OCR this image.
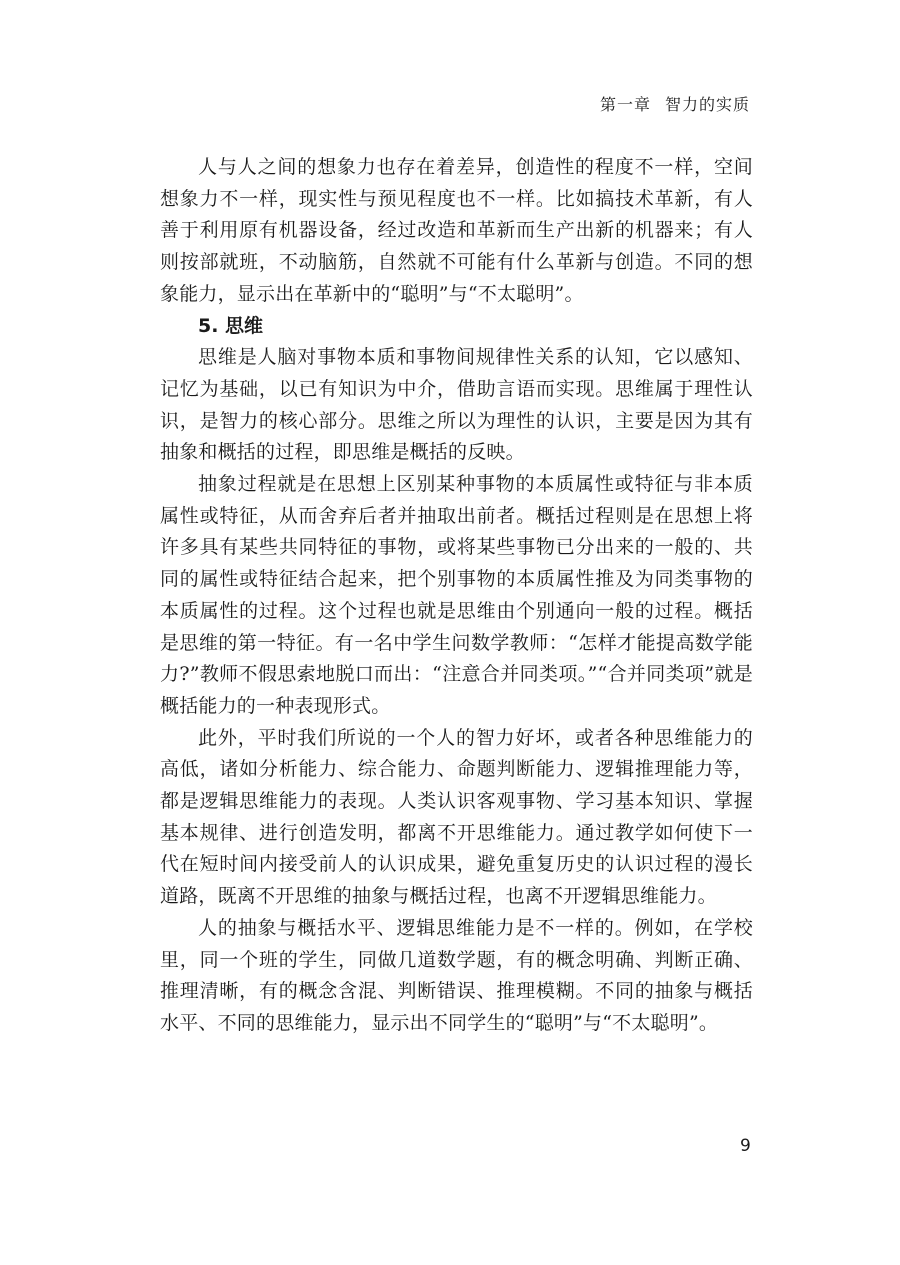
第一章 智力的实质

人与人之间的想象力也存在着差异，创造性的程度不一样，空间想象力不一样，现实性与预见程度也不一样。比如搞技术革新，有人善于利用原有机器设备，经过改造和革新而生产出新的机器来；有人则按部就班，不动脑筋，自然就不可能有什么革新与创造。不同的想象能力，显示出在革新中的“聪明”与“不太聪明”。

5. 思维

思维是人脑对事物本质和事物间规律性关系的认知，它以感知、记忆为基础，以已有知识为中介，借助言语而实现。思维属于理性认识，是智力的核心部分。思维之所以为理性的认识，主要是因为其有抽象和概括的过程，即思维是概括的反映。

抽象过程就是在思想上区别某种事物的本质属性或特征与非本质属性或特征，从而舍弃后者并抽取出前者。概括过程则是在思想上将许多具有某些共同特征的事物，或将某些事物已分出来的一般的、共同的属性或特征结合起来，把个别事物的本质属性推及为同类事物的本质属性的过程。这个过程也就是思维由个别通向一般的过程。概括是思维的第一特征。有一名中学生问数学教师：“怎样才能提高数学能力?”教师不假思索地脱口而出：“注意合并同类项。”“合并同类项”就是概括能力的一种表现形式。

此外，平时我们所说的一个人的智力好坏，或者各种思维能力的高低，诸如分析能力、综合能力、命题判断能力、逻辑推理能力等，都是逻辑思维能力的表现。人类认识客观事物、学习基本知识、掌握基本规律、进行创造发明，都离不开思维能力。通过教学如何使下一代在短时间内接受前人的认识成果，避免重复历史的认识过程的漫长道路，既离不开思维的抽象与概括过程，也离不开逻辑思维能力。

人的抽象与概括水平、逻辑思维能力是不一样的。例如，在学校里，同一个班的学生，同做几道数学题，有的概念明确、判断正确、推理清晰，有的概念含混、判断错误、推理模糊。不同的抽象与概括水平、不同的思维能力，显示出不同学生的“聪明”与“不太聪明”。

9
